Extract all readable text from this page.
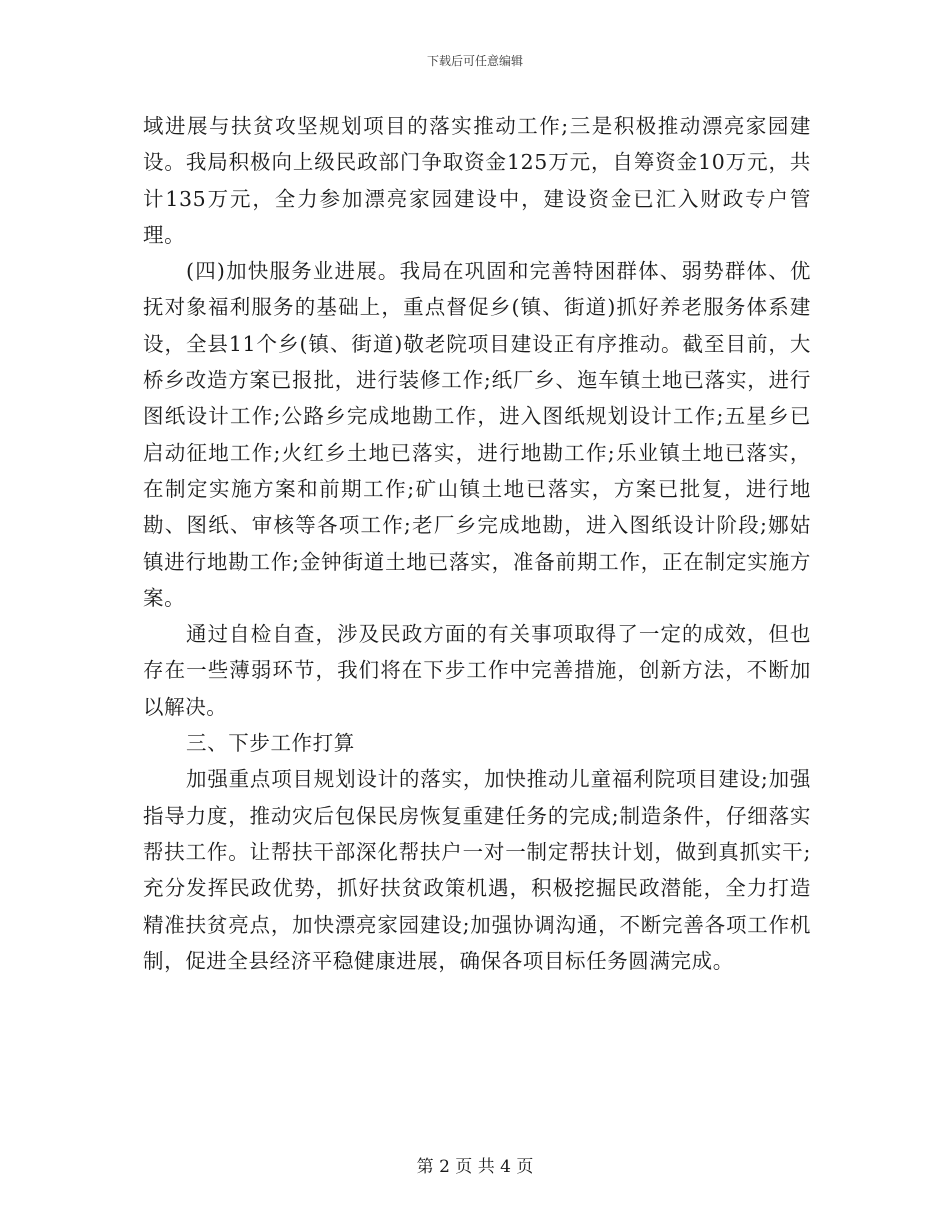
下载后可任意编辑

域进展与扶贫攻坚规划项目的落实推动工作;三是积极推动漂亮家园建设。我局积极向上级民政部门争取资金125万元，自筹资金10万元，共计135万元，全力参加漂亮家园建设中，建设资金已汇入财政专户管理。

(四)加快服务业进展。我局在巩固和完善特困群体、弱势群体、优抚对象福利服务的基础上，重点督促乡(镇、街道)抓好养老服务体系建设，全县11个乡(镇、街道)敬老院项目建设正有序推动。截至目前，大桥乡改造方案已报批，进行装修工作;纸厂乡、迤车镇土地已落实，进行图纸设计工作;公路乡完成地勘工作，进入图纸规划设计工作;五星乡已启动征地工作;火红乡土地已落实，进行地勘工作;乐业镇土地已落实，在制定实施方案和前期工作;矿山镇土地已落实，方案已批复，进行地勘、图纸、审核等各项工作;老厂乡完成地勘，进入图纸设计阶段;娜姑镇进行地勘工作;金钟街道土地已落实，准备前期工作，正在制定实施方案。

通过自检自查，涉及民政方面的有关事项取得了一定的成效，但也存在一些薄弱环节，我们将在下步工作中完善措施，创新方法，不断加以解决。

三、下步工作打算

加强重点项目规划设计的落实，加快推动儿童福利院项目建设;加强指导力度，推动灾后包保民房恢复重建任务的完成;制造条件，仔细落实帮扶工作。让帮扶干部深化帮扶户一对一制定帮扶计划，做到真抓实干;充分发挥民政优势，抓好扶贫政策机遇，积极挖掘民政潜能，全力打造精准扶贫亮点，加快漂亮家园建设;加强协调沟通，不断完善各项工作机制，促进全县经济平稳健康进展，确保各项目标任务圆满完成。

第 2 页 共 4 页
